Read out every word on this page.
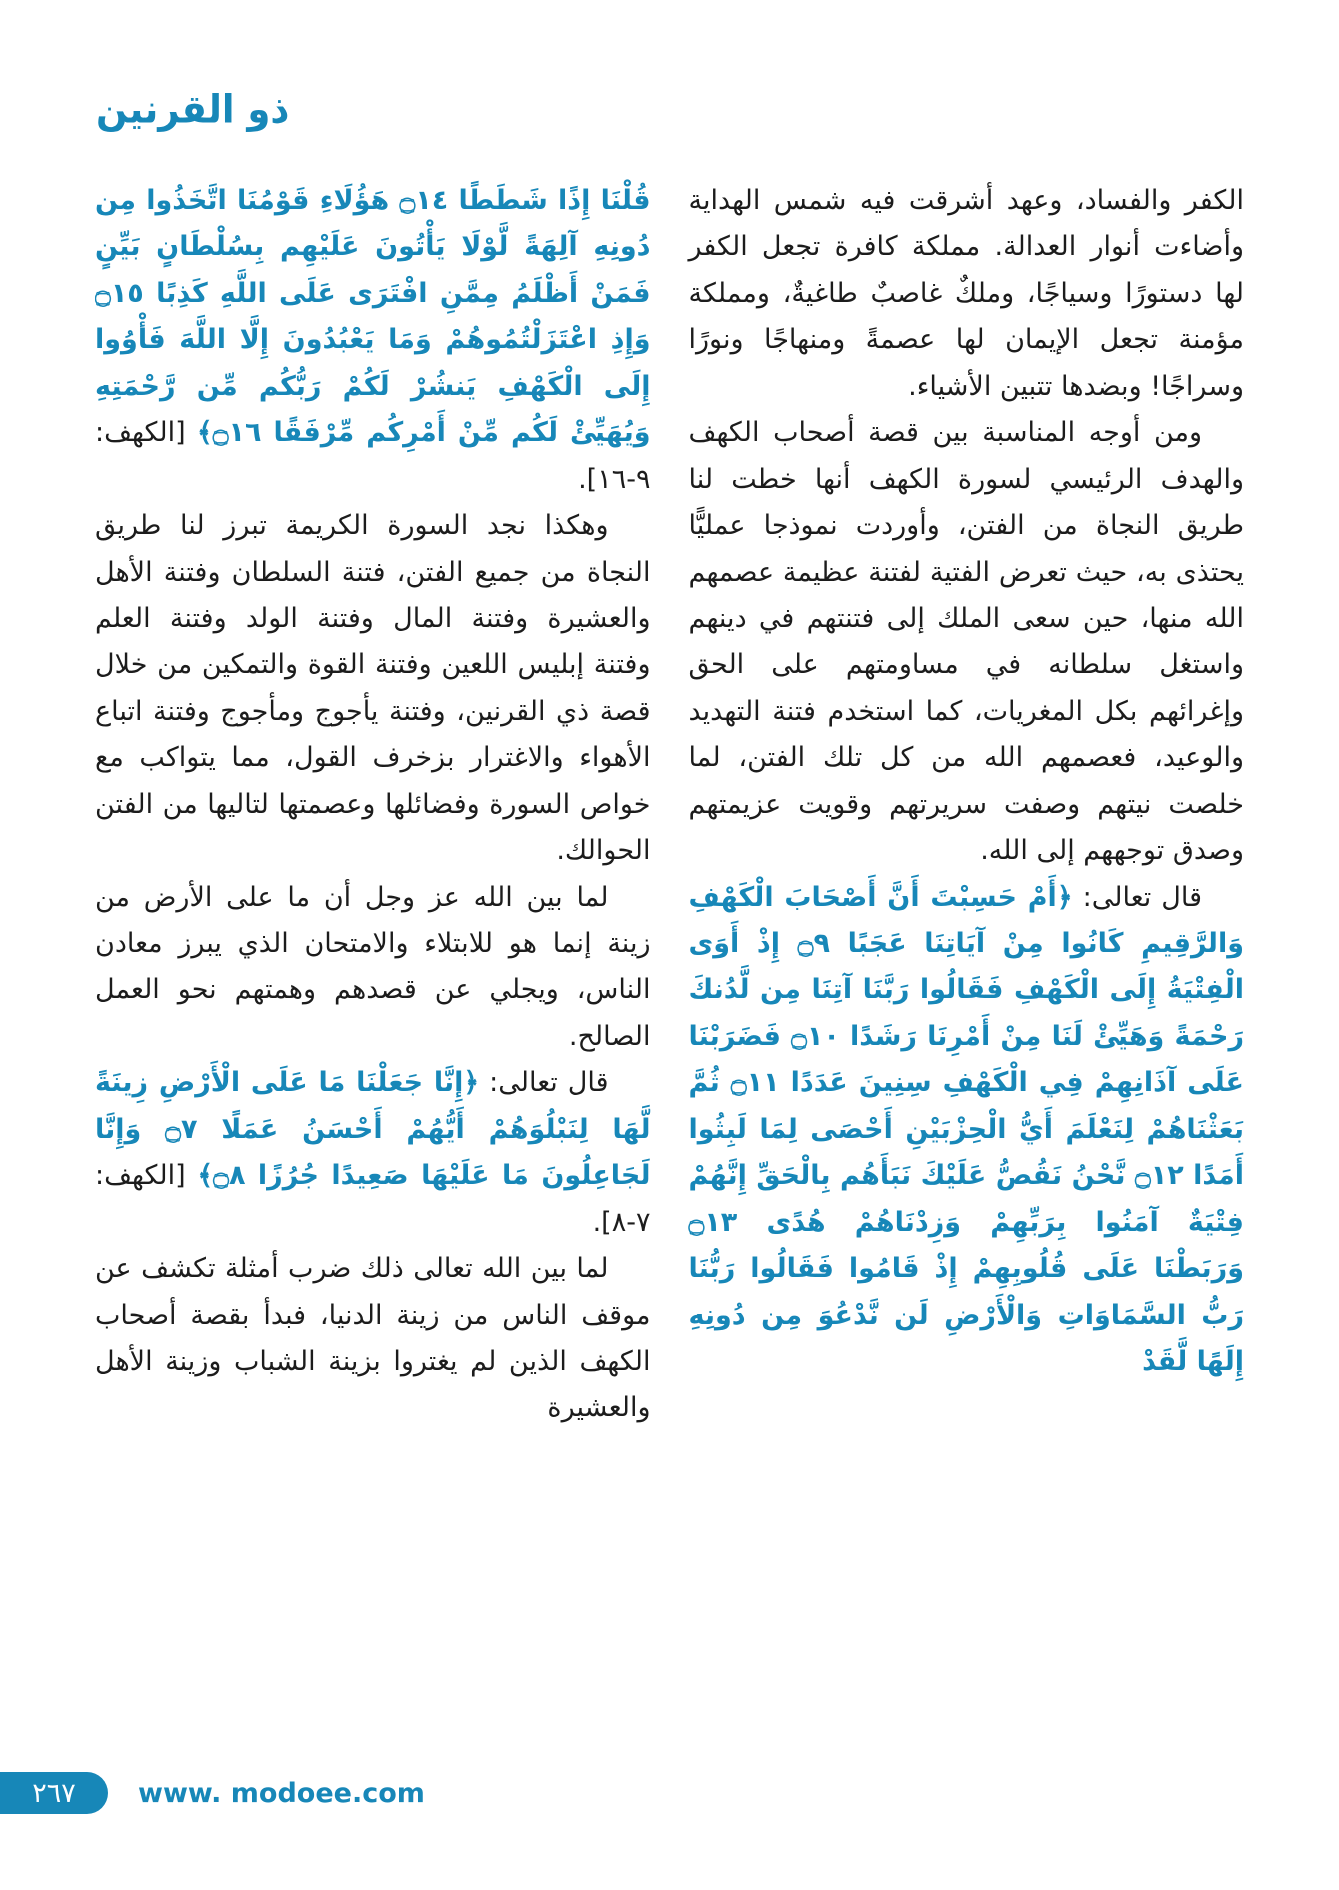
ذو القرنين

الكفر والفساد، وعهد أشرقت فيه شمس الهداية وأضاءت أنوار العدالة. مملكة كافرة تجعل الكفر لها دستورًا وسياجًا، وملكٌ غاصبٌ طاغيةٌ، ومملكة مؤمنة تجعل الإيمان لها عصمةً ومنهاجًا ونورًا وسراجًا! وبضدها تتبين الأشياء.

ومن أوجه المناسبة بين قصة أصحاب الكهف والهدف الرئيسي لسورة الكهف أنها خطت لنا طريق النجاة من الفتن، وأوردت نموذجا عمليًّا يحتذى به، حيث تعرض الفتية لفتنة عظيمة عصمهم الله منها، حين سعى الملك إلى فتنتهم في دينهم واستغل سلطانه في مساومتهم على الحق وإغرائهم بكل المغريات، كما استخدم فتنة التهديد والوعيد، فعصمهم الله من كل تلك الفتن، لما خلصت نيتهم وصفت سريرتهم وقويت عزيمتهم وصدق توجههم إلى الله.

قال تعالى: ﴿أَمْ حَسِبْتَ أَنَّ أَصْحَابَ الْكَهْفِ وَالرَّقِيمِ كَانُوا مِنْ آيَاتِنَا عَجَبًا ۝٩ إِذْ أَوَى الْفِتْيَةُ إِلَى الْكَهْفِ فَقَالُوا رَبَّنَا آتِنَا مِن لَّدُنكَ رَحْمَةً وَهَيِّئْ لَنَا مِنْ أَمْرِنَا رَشَدًا ۝١٠ فَضَرَبْنَا عَلَى آذَانِهِمْ فِي الْكَهْفِ سِنِينَ عَدَدًا ۝١١ ثُمَّ بَعَثْنَاهُمْ لِنَعْلَمَ أَيُّ الْحِزْبَيْنِ أَحْصَى لِمَا لَبِثُوا أَمَدًا ۝١٢ نَّحْنُ نَقُصُّ عَلَيْكَ نَبَأَهُم بِالْحَقِّ إِنَّهُمْ فِتْيَةٌ آمَنُوا بِرَبِّهِمْ وَزِدْنَاهُمْ هُدًى ۝١٣ وَرَبَطْنَا عَلَى قُلُوبِهِمْ إِذْ قَامُوا فَقَالُوا رَبُّنَا رَبُّ السَّمَاوَاتِ وَالْأَرْضِ لَن نَّدْعُوَ مِن دُونِهِ إِلَهًا لَّقَدْ

قُلْنَا إِذًا شَطَطًا ۝١٤ هَؤُلَاءِ قَوْمُنَا اتَّخَذُوا مِن دُونِهِ آلِهَةً لَّوْلَا يَأْتُونَ عَلَيْهِم بِسُلْطَانٍ بَيِّنٍ فَمَنْ أَظْلَمُ مِمَّنِ افْتَرَى عَلَى اللَّهِ كَذِبًا ۝١٥ وَإِذِ اعْتَزَلْتُمُوهُمْ وَمَا يَعْبُدُونَ إِلَّا اللَّهَ فَأْوُوا إِلَى الْكَهْفِ يَنشُرْ لَكُمْ رَبُّكُم مِّن رَّحْمَتِهِ وَيُهَيِّئْ لَكُم مِّنْ أَمْرِكُم مِّرْفَقًا ۝١٦﴾ [الكهف: ٩-١٦].

وهكذا نجد السورة الكريمة تبرز لنا طريق النجاة من جميع الفتن، فتنة السلطان وفتنة الأهل والعشيرة وفتنة المال وفتنة الولد وفتنة العلم وفتنة إبليس اللعين وفتنة القوة والتمكين من خلال قصة ذي القرنين، وفتنة يأجوج ومأجوج وفتنة اتباع الأهواء والاغترار بزخرف القول، مما يتواكب مع خواص السورة وفضائلها وعصمتها لتاليها من الفتن الحوالك.

لما بين الله عز وجل أن ما على الأرض من زينة إنما هو للابتلاء والامتحان الذي يبرز معادن الناس، ويجلي عن قصدهم وهمتهم نحو العمل الصالح.

قال تعالى: ﴿إِنَّا جَعَلْنَا مَا عَلَى الْأَرْضِ زِينَةً لَّهَا لِنَبْلُوَهُمْ أَيُّهُمْ أَحْسَنُ عَمَلًا ۝٧ وَإِنَّا لَجَاعِلُونَ مَا عَلَيْهَا صَعِيدًا جُرُزًا ۝٨﴾ [الكهف: ٧-٨].

لما بين الله تعالى ذلك ضرب أمثلة تكشف عن موقف الناس من زينة الدنيا، فبدأ بقصة أصحاب الكهف الذين لم يغتروا بزينة الشباب وزينة الأهل والعشيرة

٢٦٧ www. modoee.com
